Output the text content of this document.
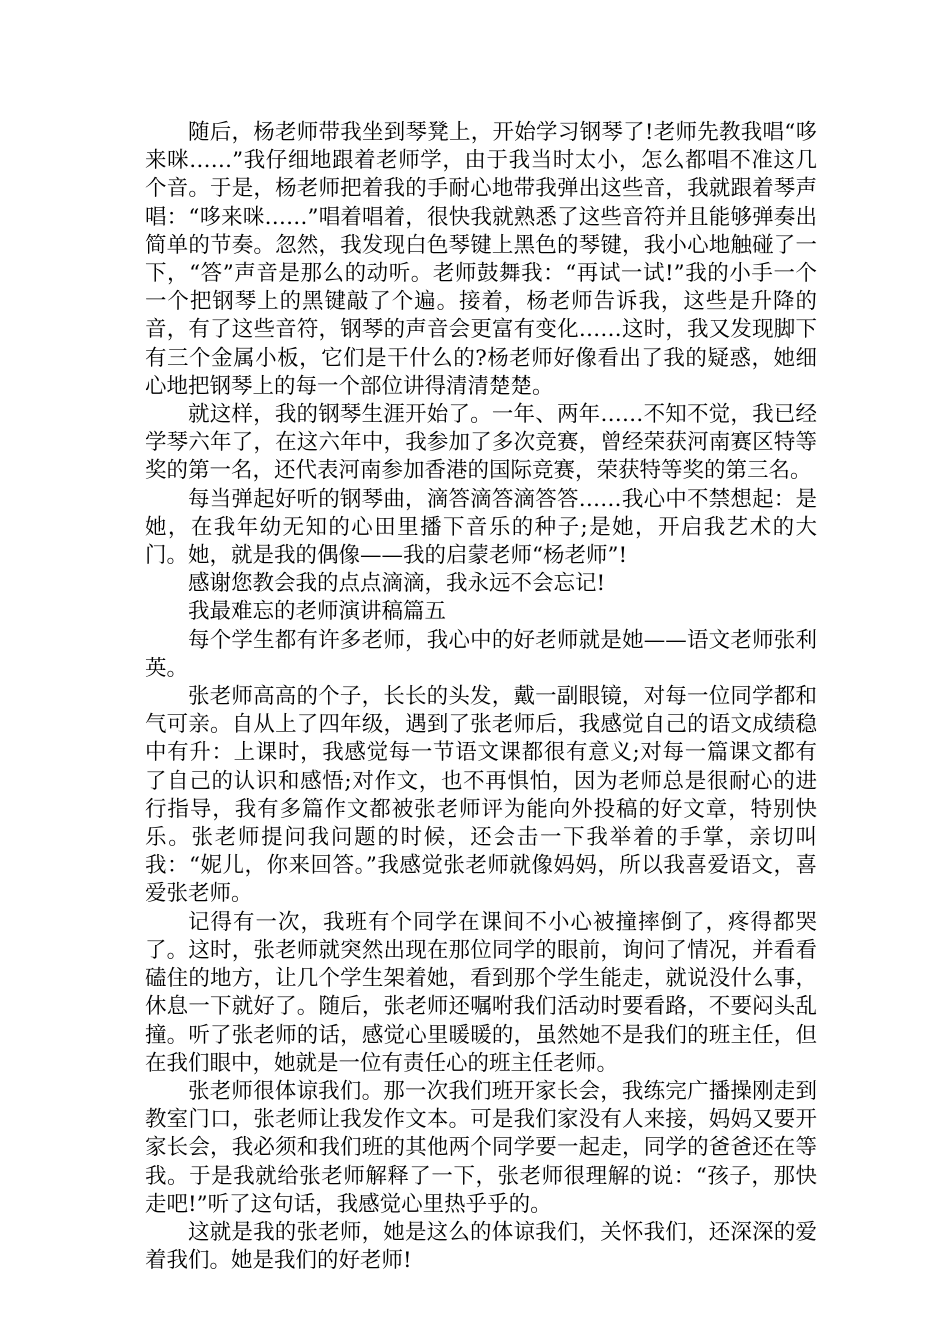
随后，杨老师带我坐到琴凳上，开始学习钢琴了!老师先教我唱“哆来咪……”我仔细地跟着老师学，由于我当时太小，怎么都唱不准这几个音。于是，杨老师把着我的手耐心地带我弹出这些音，我就跟着琴声唱：“哆来咪……”唱着唱着，很快我就熟悉了这些音符并且能够弹奏出简单的节奏。忽然，我发现白色琴键上黑色的琴键，我小心地触碰了一下，“答”声音是那么的动听。老师鼓舞我：“再试一试!”我的小手一个一个把钢琴上的黑键敲了个遍。接着，杨老师告诉我，这些是升降的音，有了这些音符，钢琴的声音会更富有变化……这时，我又发现脚下有三个金属小板，它们是干什么的?杨老师好像看出了我的疑惑，她细心地把钢琴上的每一个部位讲得清清楚楚。

就这样，我的钢琴生涯开始了。一年、两年……不知不觉，我已经学琴六年了，在这六年中，我参加了多次竞赛，曾经荣获河南赛区特等奖的第一名，还代表河南参加香港的国际竞赛，荣获特等奖的第三名。

每当弹起好听的钢琴曲，滴答滴答滴答答……我心中不禁想起：是她，在我年幼无知的心田里播下音乐的种子;是她，开启我艺术的大门。她，就是我的偶像——我的启蒙老师“杨老师”!

感谢您教会我的点点滴滴，我永远不会忘记!

我最难忘的老师演讲稿篇五

每个学生都有许多老师，我心中的好老师就是她——语文老师张利英。

张老师高高的个子，长长的头发，戴一副眼镜，对每一位同学都和气可亲。自从上了四年级，遇到了张老师后，我感觉自己的语文成绩稳中有升：上课时，我感觉每一节语文课都很有意义;对每一篇课文都有了自己的认识和感悟;对作文，也不再惧怕，因为老师总是很耐心的进行指导，我有多篇作文都被张老师评为能向外投稿的好文章，特别快乐。张老师提问我问题的时候，还会击一下我举着的手掌，亲切叫我：“妮儿，你来回答。”我感觉张老师就像妈妈，所以我喜爱语文，喜爱张老师。

记得有一次，我班有个同学在课间不小心被撞摔倒了，疼得都哭了。这时，张老师就突然出现在那位同学的眼前，询问了情况，并看看磕住的地方，让几个学生架着她，看到那个学生能走，就说没什么事，休息一下就好了。随后，张老师还嘱咐我们活动时要看路，不要闷头乱撞。听了张老师的话，感觉心里暖暖的，虽然她不是我们的班主任，但在我们眼中，她就是一位有责任心的班主任老师。

张老师很体谅我们。那一次我们班开家长会，我练完广播操刚走到教室门口，张老师让我发作文本。可是我们家没有人来接，妈妈又要开家长会，我必须和我们班的其他两个同学要一起走，同学的爸爸还在等我。于是我就给张老师解释了一下，张老师很理解的说：“孩子，那快走吧!”听了这句话，我感觉心里热乎乎的。

这就是我的张老师，她是这么的体谅我们，关怀我们，还深深的爱着我们。她是我们的好老师!
